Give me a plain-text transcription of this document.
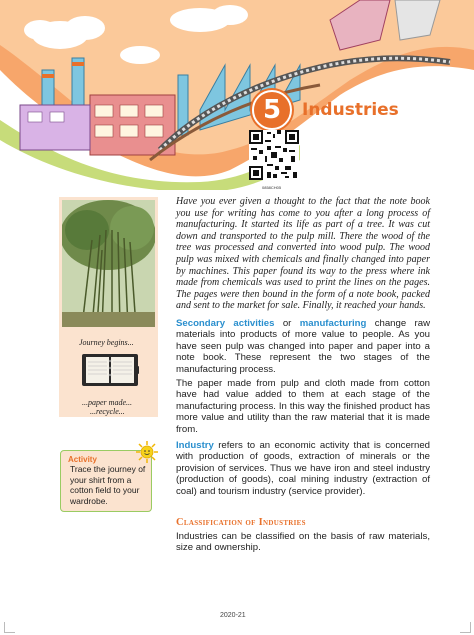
5	Industries
0858CH05
Journey begins...
...paper made...
...recycle...
Activity
Trace the journey of your shirt from a cotton field to your wardrobe.
Have you ever given a thought to the fact that the note book you use for writing has come to you after a long process of manufacturing. It started its life as part of a tree. It was cut down and transported to the pulp mill. There the wood of the tree was processed and converted into wood pulp. The wood pulp was mixed with chemicals and finally changed into paper by machines. This paper found its way to the press where ink made from chemicals was used to print the lines on the pages. The pages were then bound in the form of a note book, packed and sent to the market for sale. Finally, it reached your hands.
Secondary activities or manufacturing change raw materials into products of more value to people. As you have seen pulp was changed into paper and paper into a note book. These represent the two stages of the manufacturing process.
The paper made from pulp and cloth made from cotton have had value added to them at each stage of the manufacturing process. In this way the finished product has more value and utility than the raw material that it is made from.
Industry refers to an economic activity that is concerned with production of goods, extraction of minerals or the provision of services. Thus we have iron and steel industry (production of goods), coal mining industry (extraction of coal) and tourism industry (service provider).
Classification of Industries
Industries can be classified on the basis of raw materials, size and ownership.
2020-21
